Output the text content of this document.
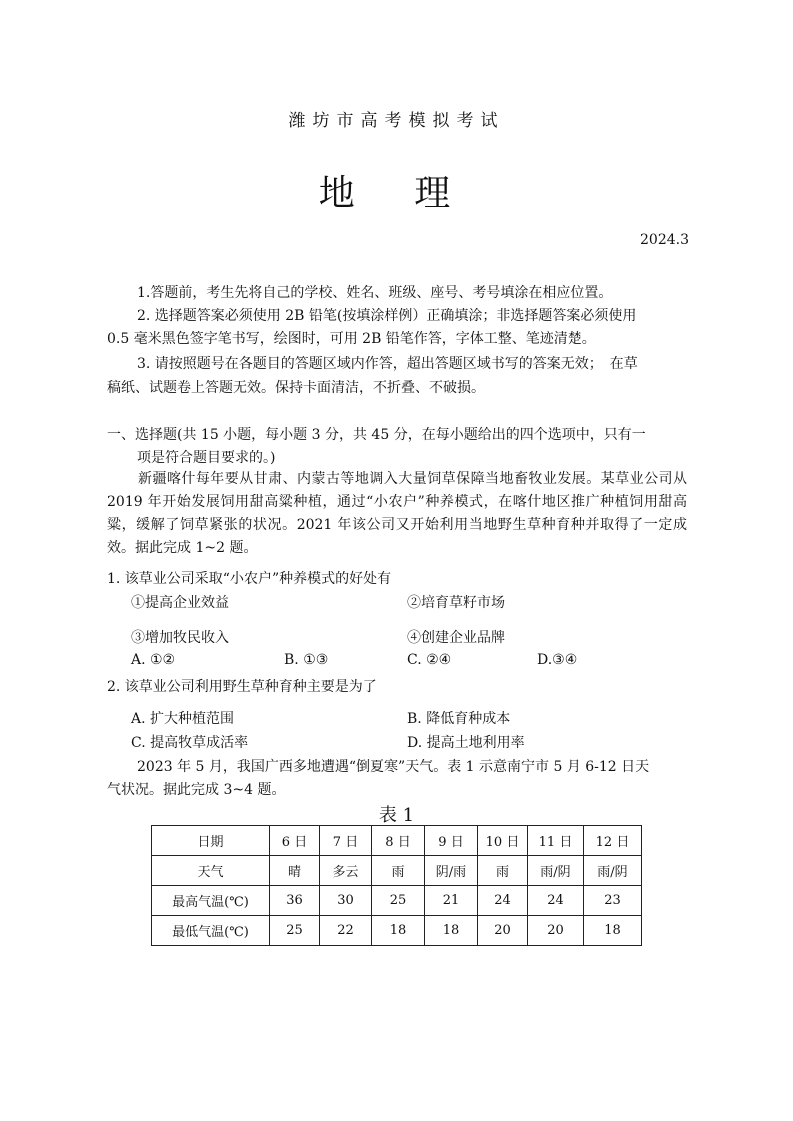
潍坊市高考模拟考试
地 理
2024.3
1.答题前，考生先将自己的学校、姓名、班级、座号、考号填涂在相应位置。
2. 选择题答案必须使用 2B 铅笔(按填涂样例）正确填涂；非选择题答案必须使用
0.5 毫米黑色签字笔书写，绘图时，可用 2B 铅笔作答，字体工整、笔迹清楚。
3. 请按照题号在各题目的答题区域内作答，超出答题区域书写的答案无效；　在草
稿纸、试题卷上答题无效。保持卡面清洁，不折叠、不破损。
一、选择题(共 15 小题，每小题 3 分，共 45 分，在每小题给出的四个选项中，只有一
项是符合题目要求的。)
新疆喀什每年要从甘肃、内蒙古等地调入大量饲草保障当地畜牧业发展。某草业公司从 2019 年开始发展饲用甜高粱种植，通过“小农户”种养模式，在喀什地区推广种植饲用甜高粱，缓解了饲草紧张的状况。2021 年该公司又开始利用当地野生草种育种并取得了一定成效。据此完成 1~2 题。
1. 该草业公司采取“小农户”种养模式的好处有
①提高企业效益	②培育草籽市场
③增加牧民收入	④创建企业品牌
A. ①②	B. ①③	C. ②④	D.③④
2. 该草业公司利用野生草种育种主要是为了
A. 扩大种植范围	B. 降低育种成本
C. 提高牧草成活率	D. 提高土地利用率
2023 年 5 月，我国广西多地遭遇“倒夏寒”天气。表 1 示意南宁市 5 月 6-12 日天
气状况。据此完成 3~4 题。
表 1
日期	6 日	7 日	8 日	9 日	10 日	11 日	12 日
天气	晴	多云	雨	阴/雨	雨	雨/阴	雨/阴
最高气温(℃)	36	30	25	21	24	24	23
最低气温(℃)	25	22	18	18	20	20	18
